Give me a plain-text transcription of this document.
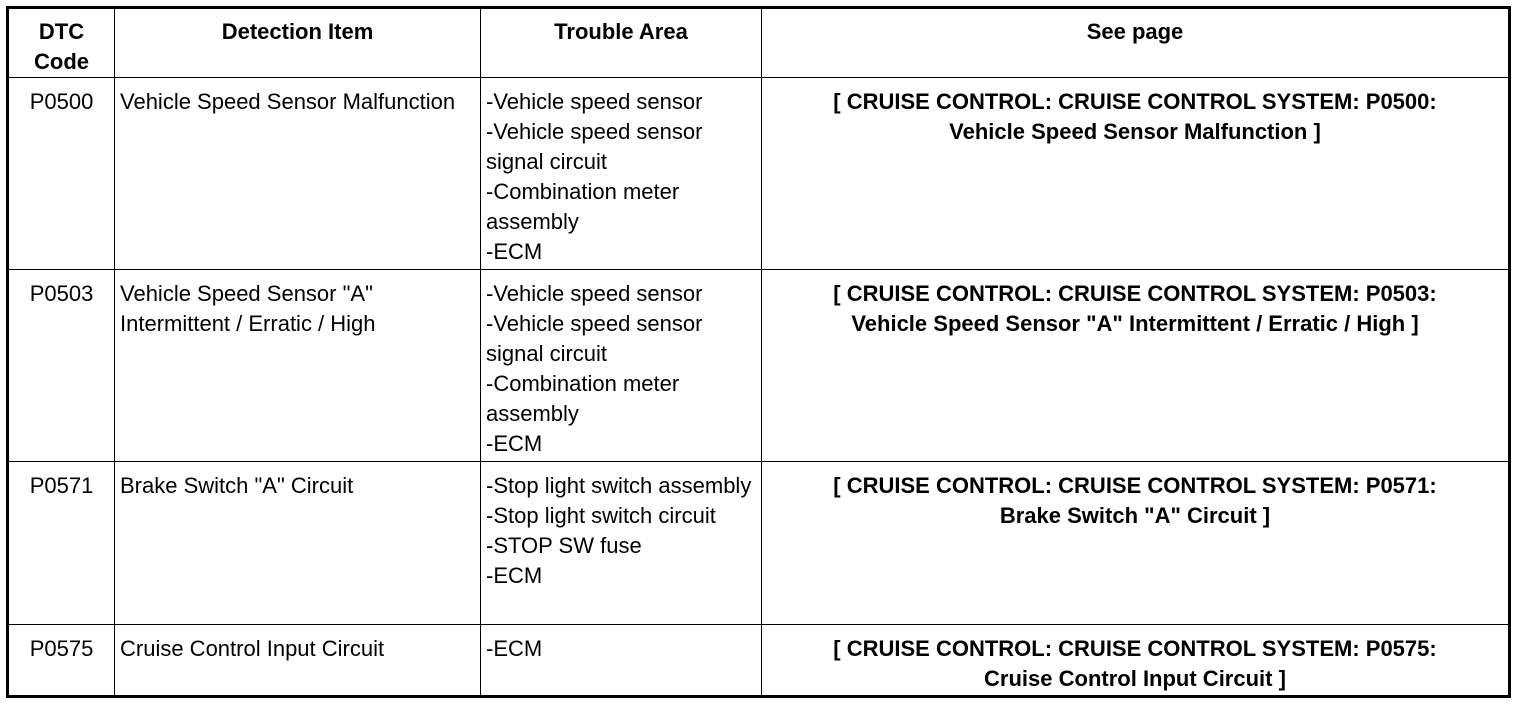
DTC
Code	Detection Item	Trouble Area	See page
P0500	Vehicle Speed Sensor Malfunction	-Vehicle speed sensor
-Vehicle speed sensor signal circuit
-Combination meter assembly
-ECM	[ CRUISE CONTROL: CRUISE CONTROL SYSTEM: P0500:
Vehicle Speed Sensor Malfunction ]

P0503	Vehicle Speed Sensor "A" Intermittent / Erratic / High	-Vehicle speed sensor
-Vehicle speed sensor signal circuit
-Combination meter assembly
-ECM	[ CRUISE CONTROL: CRUISE CONTROL SYSTEM: P0503:
Vehicle Speed Sensor "A" Intermittent / Erratic / High ]

P0571	Brake Switch "A" Circuit	-Stop light switch assembly
-Stop light switch circuit
-STOP SW fuse
-ECM	[ CRUISE CONTROL: CRUISE CONTROL SYSTEM: P0571:
Brake Switch "A" Circuit ]

P0575	Cruise Control Input Circuit	-ECM	[ CRUISE CONTROL: CRUISE CONTROL SYSTEM: P0575:
Cruise Control Input Circuit ]
